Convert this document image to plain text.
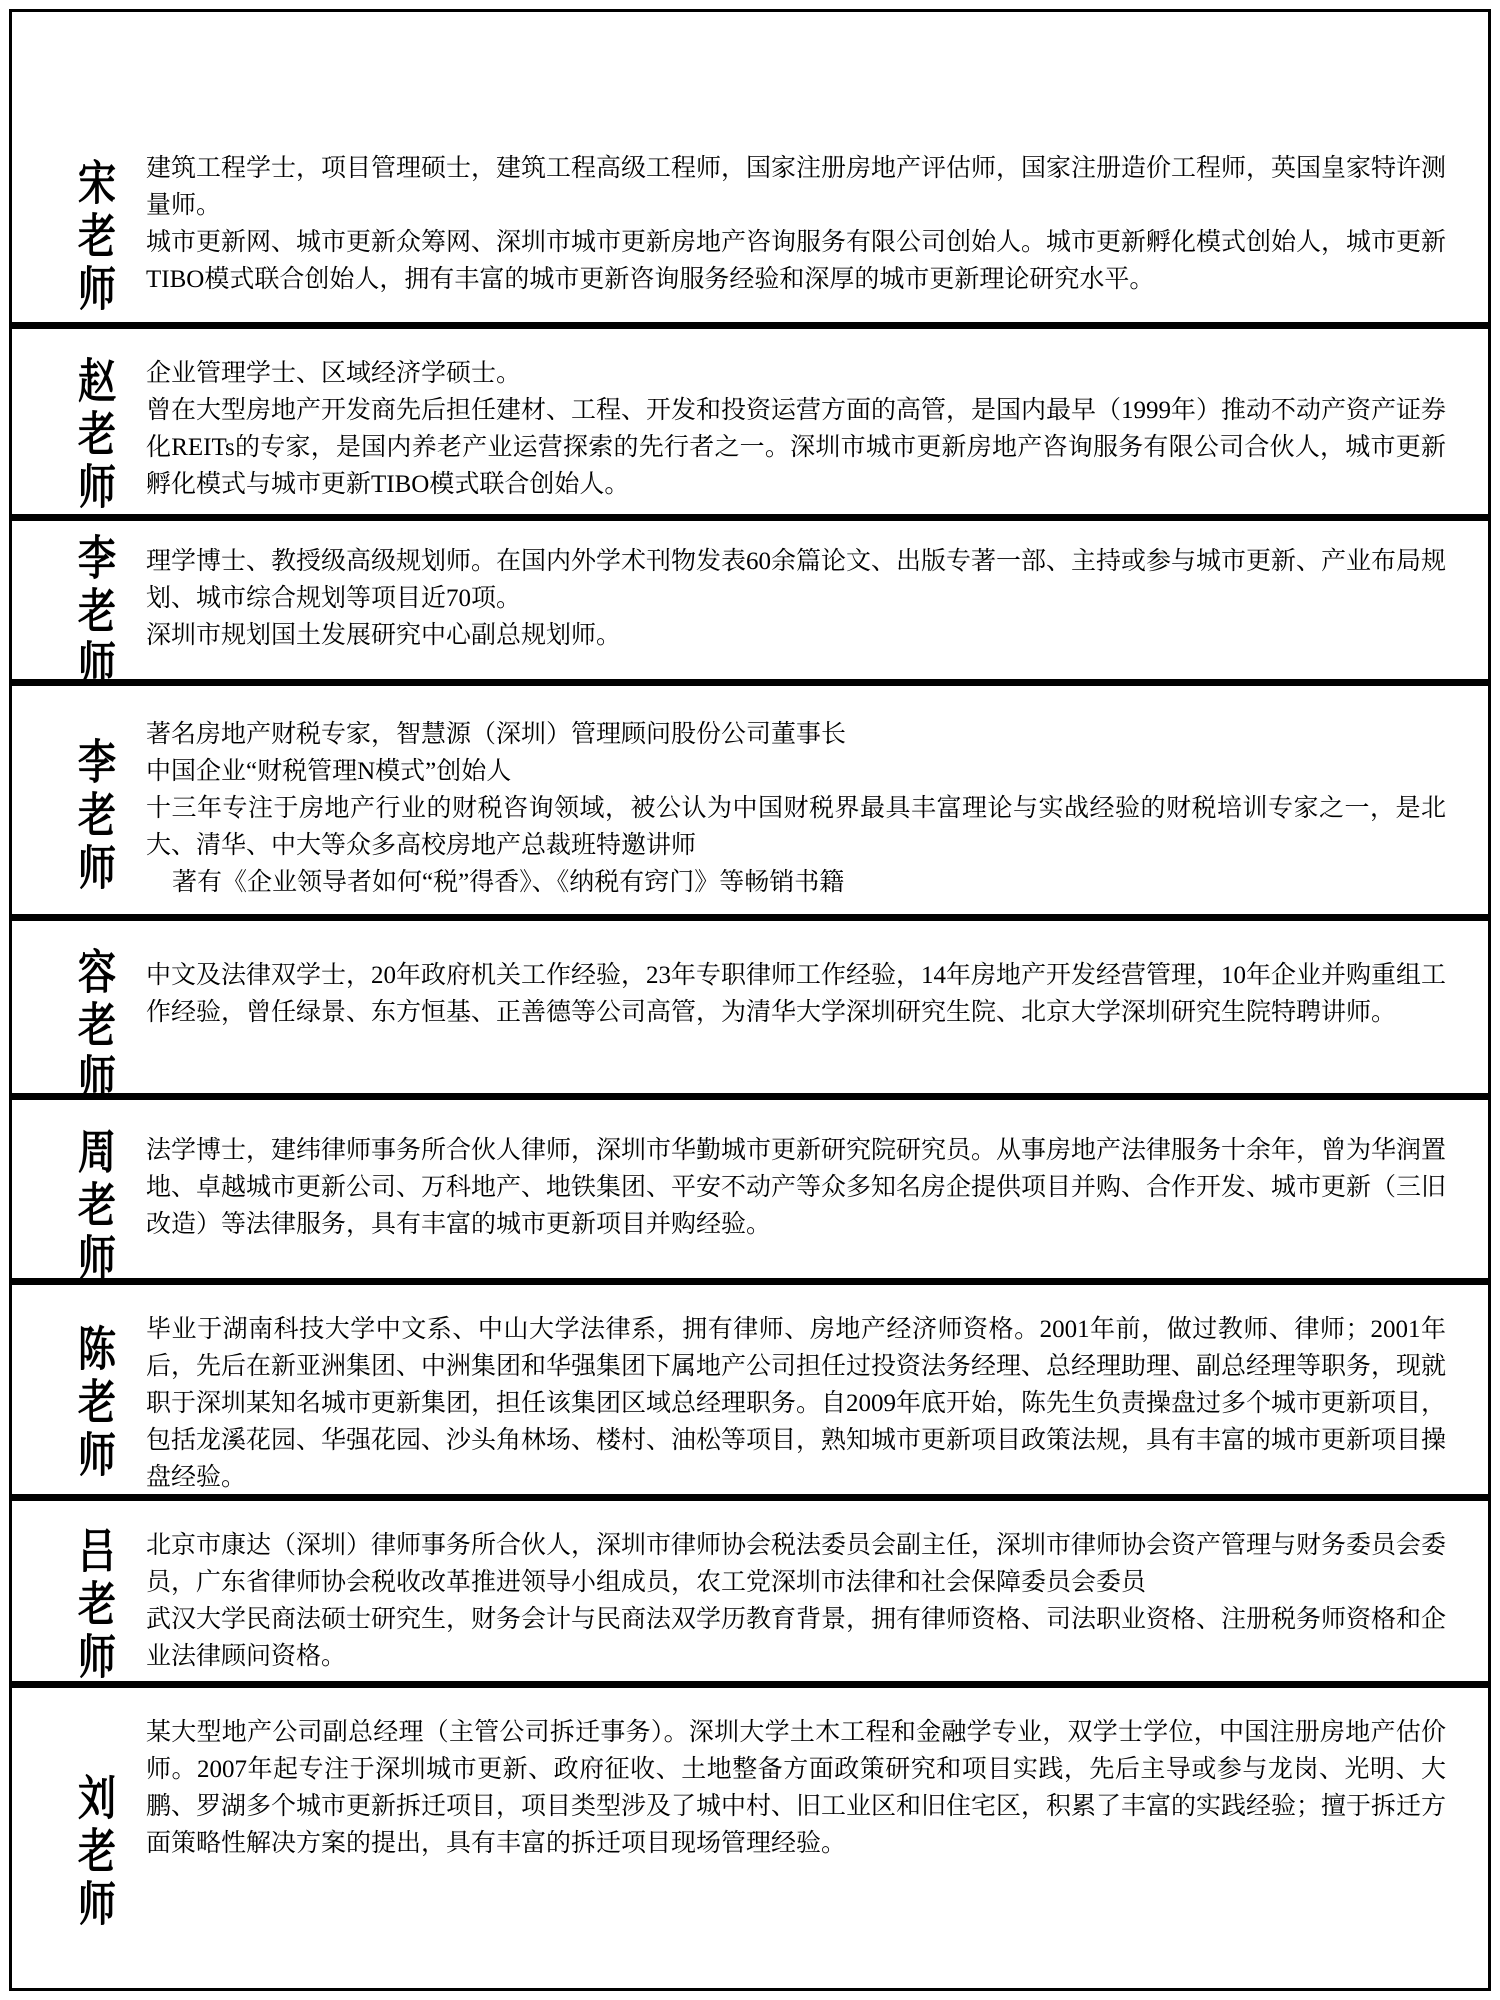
宋老师

建筑工程学士，项目管理硕士，建筑工程高级工程师，国家注册房地产评估师，国家注册造价工程师，英国皇家特许测量师。

城市更新网、城市更新众筹网、深圳市城市更新房地产咨询服务有限公司创始人。城市更新孵化模式创始人，城市更新TIBO模式联合创始人，拥有丰富的城市更新咨询服务经验和深厚的城市更新理论研究水平。

赵老师

企业管理学士、区域经济学硕士。

曾在大型房地产开发商先后担任建材、工程、开发和投资运营方面的高管，是国内最早（1999年）推动不动产资产证券化REITs的专家，是国内养老产业运营探索的先行者之一。深圳市城市更新房地产咨询服务有限公司合伙人，城市更新孵化模式与城市更新TIBO模式联合创始人。

李老师

理学博士、教授级高级规划师。在国内外学术刊物发表60余篇论文、出版专著一部、主持或参与城市更新、产业布局规划、城市综合规划等项目近70项。

深圳市规划国土发展研究中心副总规划师。

李老师

著名房地产财税专家，智慧源（深圳）管理顾问股份公司董事长

中国企业“财税管理N模式”创始人

十三年专注于房地产行业的财税咨询领域，被公认为中国财税界最具丰富理论与实战经验的财税培训专家之一，是北大、清华、中大等众多高校房地产总裁班特邀讲师

著有《企业领导者如何“税”得香》、《纳税有窍门》等畅销书籍

容老师

中文及法律双学士，20年政府机关工作经验，23年专职律师工作经验，14年房地产开发经营管理，10年企业并购重组工作经验，曾任绿景、东方恒基、正善德等公司高管，为清华大学深圳研究生院、北京大学深圳研究生院特聘讲师。

周老师

法学博士，建纬律师事务所合伙人律师，深圳市华勤城市更新研究院研究员。从事房地产法律服务十余年，曾为华润置地、卓越城市更新公司、万科地产、地铁集团、平安不动产等众多知名房企提供项目并购、合作开发、城市更新（三旧改造）等法律服务，具有丰富的城市更新项目并购经验。

陈老师

毕业于湖南科技大学中文系、中山大学法律系，拥有律师、房地产经济师资格。2001年前，做过教师、律师；2001年后，先后在新亚洲集团、中洲集团和华强集团下属地产公司担任过投资法务经理、总经理助理、副总经理等职务，现就职于深圳某知名城市更新集团，担任该集团区域总经理职务。自2009年底开始，陈先生负责操盘过多个城市更新项目，包括龙溪花园、华强花园、沙头角林场、楼村、油松等项目，熟知城市更新项目政策法规，具有丰富的城市更新项目操盘经验。

吕老师

北京市康达（深圳）律师事务所合伙人，深圳市律师协会税法委员会副主任，深圳市律师协会资产管理与财务委员会委员，广东省律师协会税收改革推进领导小组成员，农工党深圳市法律和社会保障委员会委员

武汉大学民商法硕士研究生，财务会计与民商法双学历教育背景，拥有律师资格、司法职业资格、注册税务师资格和企业法律顾问资格。

刘老师

某大型地产公司副总经理（主管公司拆迁事务）。深圳大学土木工程和金融学专业，双学士学位，中国注册房地产估价师。2007年起专注于深圳城市更新、政府征收、土地整备方面政策研究和项目实践，先后主导或参与龙岗、光明、大鹏、罗湖多个城市更新拆迁项目，项目类型涉及了城中村、旧工业区和旧住宅区，积累了丰富的实践经验；擅于拆迁方面策略性解决方案的提出，具有丰富的拆迁项目现场管理经验。
